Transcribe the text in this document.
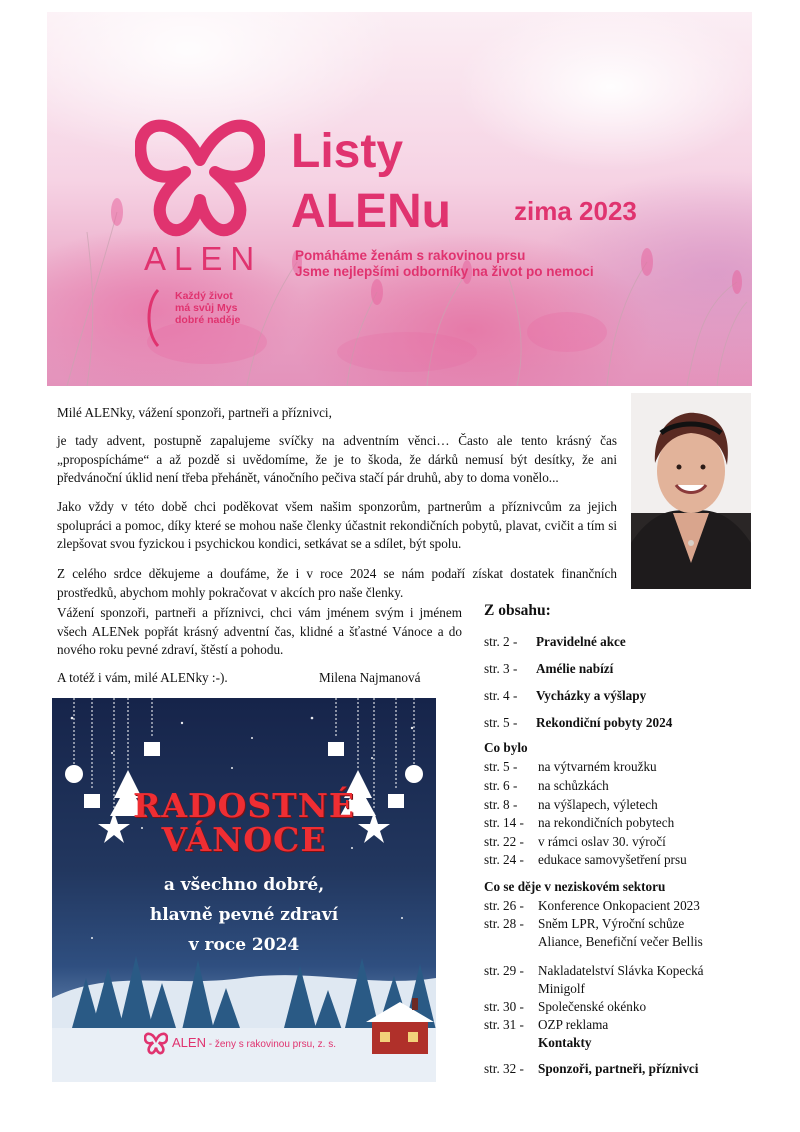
ALEN
Každý život
má svůj Mys
dobré naděje
Listy
ALENu zima 2023
Pomáháme ženám s rakovinou prsu
Jsme nejlepšími odborníky na život po nemoci
Milé ALENky, vážení sponzoři, partneři a příznivci,

je tady advent, postupně zapalujeme svíčky na adventním věnci… Často ale tento krásný čas „propospícháme“ a až pozdě si uvědomíme, že je to škoda, že dárků nemusí být desítky, že ani předvánoční úklid není třeba přehánět, vánočního pečiva stačí pár druhů, aby to doma vonělo...

Jako vždy v této době chci poděkovat všem našim sponzorům, partnerům a příznivcům za jejich spolupráci a pomoc, díky které se mohou naše členky účastnit rekondičních pobytů, plavat, cvičit a tím si zlepšovat svou fyzickou i psychickou kondici, setkávat se a sdílet, být spolu.

Z celého srdce děkujeme a doufáme, že i v roce 2024 se nám podaří získat dostatek finančních prostředků, abychom mohly pokračovat v akcích pro naše členky.

Vážení sponzoři, partneři a příznivci, chci vám jménem svým i jménem všech ALENek popřát krásný adventní čas, klidné a šťastné Vánoce a do nového roku pevné zdraví, štěstí a pohodu.

A totéž i vám, milé ALENky :-).	Milena Najmanová
RADOSTNÉ
VÁNOCE
a všechno dobré,
hlavně pevné zdraví
v roce 2024
ALEN - ženy s rakovinou prsu, z. s.
Z obsahu:
str. 2 - Pravidelné akce
str. 3 - Amélie nabízí
str. 4 - Vycházky a výšlapy
str. 5 - Rekondiční pobyty 2024
Co bylo
str. 5 - na výtvarném kroužku
str. 6 - na schůzkách
str. 8 - na výšlapech, výletech
str. 14 - na rekondičních pobytech
str. 22 - v rámci oslav 30. výročí
str. 24 - edukace samovyšetření prsu
Co se děje v neziskovém sektoru
str. 26 - Konference Onkopacient 2023
str. 28 - Sněm LPR, Výroční schůze
Aliance, Benefiční večer Bellis
str. 29 - Nakladatelství Slávka Kopecká
Minigolf
str. 30 - Společenské okénko
str. 31 - OZP reklama
Kontakty
str. 32 - Sponzoři, partneři, příznivci
